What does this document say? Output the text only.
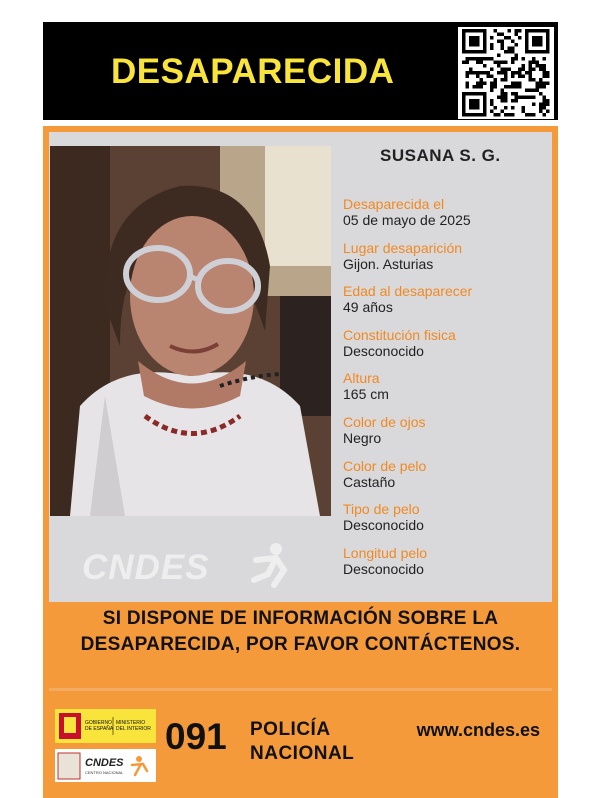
DESAPARECIDA
SUSANA S. G.
Desaparecida el
05 de mayo de 2025
Lugar desaparición
Gijon. Asturias
Edad al desaparecer
49 años
Constitución fisica
Desconocido
Altura
165 cm
Color de ojos
Negro
Color de pelo
Castaño
Tipo de pelo
Desconocido
Longitud pelo
Desconocido
CNDES
SI DISPONE DE INFORMACIÓN SOBRE LA
DESAPARECIDA, POR FAVOR CONTÁCTENOS.
GOBIERNO
DE ESPAÑA
MINISTERIO
DEL INTERIOR
CNDES
CENTRO NACIONAL
091 POLICÍA
NACIONAL
www.cndes.es
